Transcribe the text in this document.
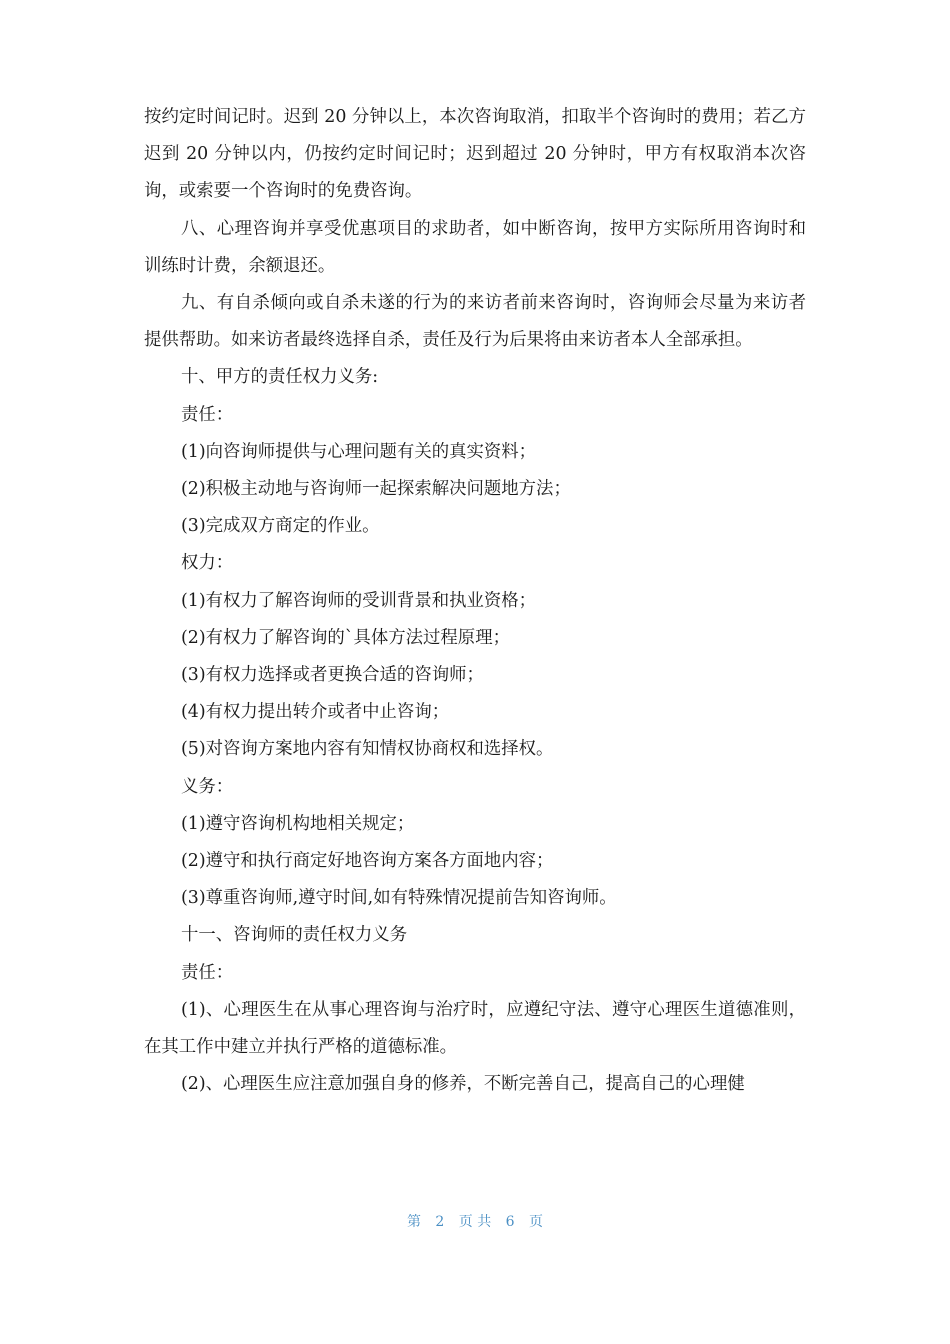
按约定时间记时。迟到 20 分钟以上，本次咨询取消，扣取半个咨询时的费用；若乙方迟到 20 分钟以内，仍按约定时间记时；迟到超过 20 分钟时，甲方有权取消本次咨询，或索要一个咨询时的免费咨询。

八、心理咨询并享受优惠项目的求助者，如中断咨询，按甲方实际所用咨询时和训练时计费，余额退还。

九、有自杀倾向或自杀未遂的行为的来访者前来咨询时，咨询师会尽量为来访者提供帮助。如来访者最终选择自杀，责任及行为后果将由来访者本人全部承担。

十、甲方的责任权力义务:

责任：

(1)向咨询师提供与心理问题有关的真实资料；

(2)积极主动地与咨询师一起探索解决问题地方法；

(3)完成双方商定的作业。

权力：

(1)有权力了解咨询师的受训背景和执业资格；

(2)有权力了解咨询的`具体方法过程原理；

(3)有权力选择或者更换合适的咨询师；

(4)有权力提出转介或者中止咨询；

(5)对咨询方案地内容有知情权协商权和选择权。

义务：

(1)遵守咨询机构地相关规定；

(2)遵守和执行商定好地咨询方案各方面地内容；

(3)尊重咨询师,遵守时间,如有特殊情况提前告知咨询师。

十一、咨询师的责任权力义务

责任：

(1)、心理医生在从事心理咨询与治疗时，应遵纪守法、遵守心理医生道德准则，在其工作中建立并执行严格的道德标准。

(2)、心理医生应注意加强自身的修养，不断完善自己，提高自己的心理健

第 2 页 共 6 页
